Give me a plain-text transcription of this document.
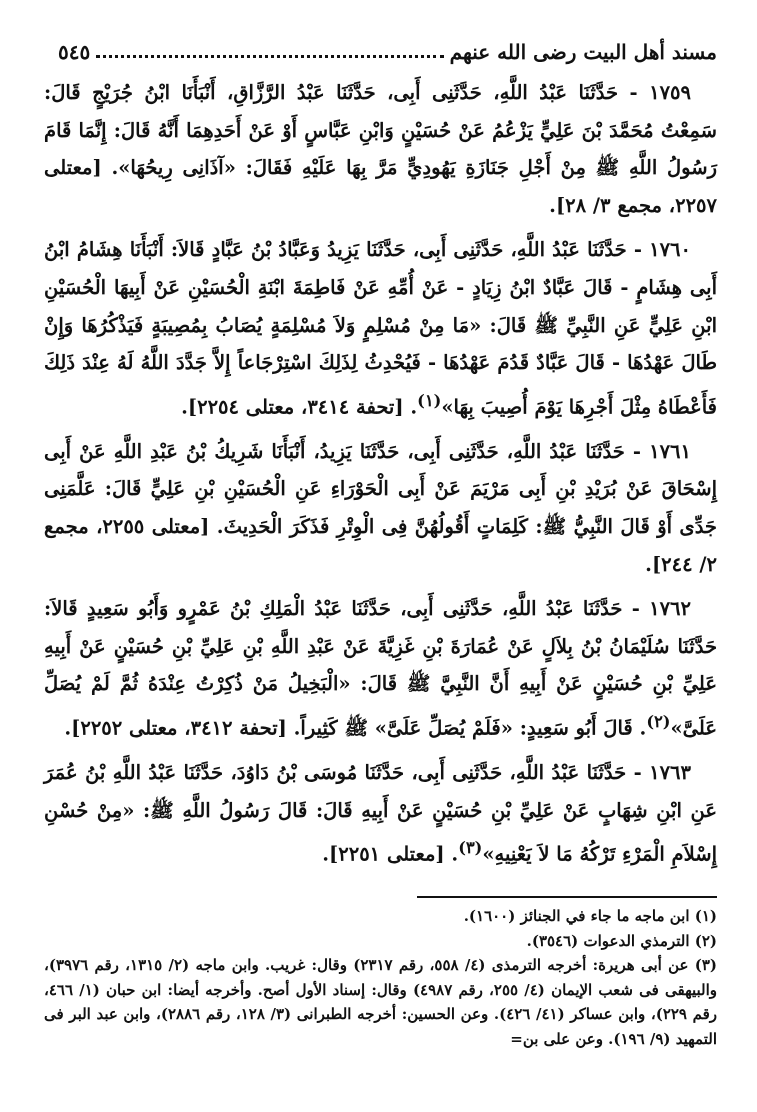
مسند أهل البيت رضى الله عنهم
٥٤٥

١٧٥٩ - حَدَّثَنَا عَبْدُ اللَّهِ، حَدَّثَنِى أَبِى، حَدَّثَنَا عَبْدُ الرَّزَّاقِ، أَنْبَأَنَا ابْنُ جُرَيْجٍ قَالَ: سَمِعْتُ مُحَمَّدَ بْنَ عَلِيٍّ يَزْعُمُ عَنْ حُسَيْنٍ وَابْنِ عَبَّاسٍ أَوْ عَنْ أَحَدِهِمَا أَنَّهُ قَالَ: إِنَّمَا قَامَ رَسُولُ اللَّهِ ﷺ مِنْ أَجْلِ جَنَازَةِ يَهُودِيٍّ مَرَّ بِهَا عَلَيْهِ فَقَالَ: «آذَانِى رِيحُهَا». [معتلى ٢٢٥٧، مجمع ٣/ ٢٨].

١٧٦٠ - حَدَّثَنَا عَبْدُ اللَّهِ، حَدَّثَنِى أَبِى، حَدَّثَنَا يَزِيدُ وَعَبَّادُ بْنُ عَبَّادٍ قَالاَ: أَنْبَأَنَا هِشَامُ ابْنُ أَبِى هِشَامٍ - قَالَ عَبَّادٌ ابْنُ زِيَادٍ - عَنْ أُمِّهِ عَنْ فَاطِمَةَ ابْنَةِ الْحُسَيْنِ عَنْ أَبِيهَا الْحُسَيْنِ ابْنِ عَلِيٍّ عَنِ النَّبِيِّ ﷺ قَالَ: «مَا مِنْ مُسْلِمٍ وَلاَ مُسْلِمَةٍ يُصَابُ بِمُصِيبَةٍ فَيَذْكُرُهَا وَإِنْ طَالَ عَهْدُهَا - قَالَ عَبَّادٌ قَدُمَ عَهْدُهَا - فَيُحْدِثُ لِذَلِكَ اسْتِرْجَاعاً إِلاَّ جَدَّدَ اللَّهُ لَهُ عِنْدَ ذَلِكَ فَأَعْطَاهُ مِثْلَ أَجْرِهَا يَوْمَ أُصِيبَ بِهَا»$^{(١)}$. [تحفة ٣٤١٤، معتلى ٢٢٥٤].

١٧٦١ - حَدَّثَنَا عَبْدُ اللَّهِ، حَدَّثَنِى أَبِى، حَدَّثَنَا يَزِيدُ، أَنْبَأَنَا شَرِيكُ بْنُ عَبْدِ اللَّهِ عَنْ أَبِى إِسْحَاقَ عَنْ بُرَيْدِ بْنِ أَبِى مَرْيَمَ عَنْ أَبِى الْحَوْرَاءِ عَنِ الْحُسَيْنِ بْنِ عَلِيٍّ قَالَ: عَلَّمَنِى جَدِّى أَوْ قَالَ النَّبِيُّ ﷺ: كَلِمَاتٍ أَقُولُهُنَّ فِى الْوِتْرِ فَذَكَرَ الْحَدِيثَ. [معتلى ٢٢٥٥، مجمع ٢/ ٢٤٤].

١٧٦٢ - حَدَّثَنَا عَبْدُ اللَّهِ، حَدَّثَنِى أَبِى، حَدَّثَنَا عَبْدُ الْمَلِكِ بْنُ عَمْرٍو وَأَبُو سَعِيدٍ قَالاَ: حَدَّثَنَا سُلَيْمَانُ بْنُ بِلاَلٍ عَنْ عُمَارَةَ بْنِ غَزِيَّةَ عَنْ عَبْدِ اللَّهِ بْنِ عَلِيِّ بْنِ حُسَيْنٍ عَنْ أَبِيهِ عَلِيِّ بْنِ حُسَيْنٍ عَنْ أَبِيهِ أَنَّ النَّبِيَّ ﷺ قَالَ: «الْبَخِيلُ مَنْ ذُكِرْتُ عِنْدَهُ ثُمَّ لَمْ يُصَلِّ عَلَىَّ»$^{(٢)}$. قَالَ أَبُو سَعِيدٍ: «فَلَمْ يُصَلِّ عَلَىَّ» ﷺ كَثِيراً. [تحفة ٣٤١٢، معتلى ٢٢٥٢].

١٧٦٣ - حَدَّثَنَا عَبْدُ اللَّهِ، حَدَّثَنِى أَبِى، حَدَّثَنَا مُوسَى بْنُ دَاوُدَ، حَدَّثَنَا عَبْدُ اللَّهِ بْنُ عُمَرَ عَنِ ابْنِ شِهَابٍ عَنْ عَلِيِّ بْنِ حُسَيْنٍ عَنْ أَبِيهِ قَالَ: قَالَ رَسُولُ اللَّهِ ﷺ: «مِنْ حُسْنِ إِسْلاَمِ الْمَرْءِ تَرْكُهُ مَا لاَ يَعْنِيهِ»$^{(٣)}$. [معتلى ٢٢٥١].

(١) ابن ماجه ما جاء في الجنائز (١٦٠٠).

(٢) الترمذي الدعوات (٣٥٤٦).

(٣) عن أبى هريرة: أخرجه الترمذى (٤/ ٥٥٨، رقم ٢٣١٧) وقال: غريب. وابن ماجه (٢/ ١٣١٥، رقم ٣٩٧٦)، والبيهقى فى شعب الإيمان (٤/ ٢٥٥، رقم ٤٩٨٧) وقال: إسناد الأول أصح. وأخرجه أيضا: ابن حبان (١/ ٤٦٦، رقم ٢٢٩)، وابن عساكر (٤١/ ٤٢٦). وعن الحسين: أخرجه الطبرانى (٣/ ١٢٨، رقم ٢٨٨٦)، وابن عبد البر فى التمهيد (٩/ ١٩٦). وعن على بن=
